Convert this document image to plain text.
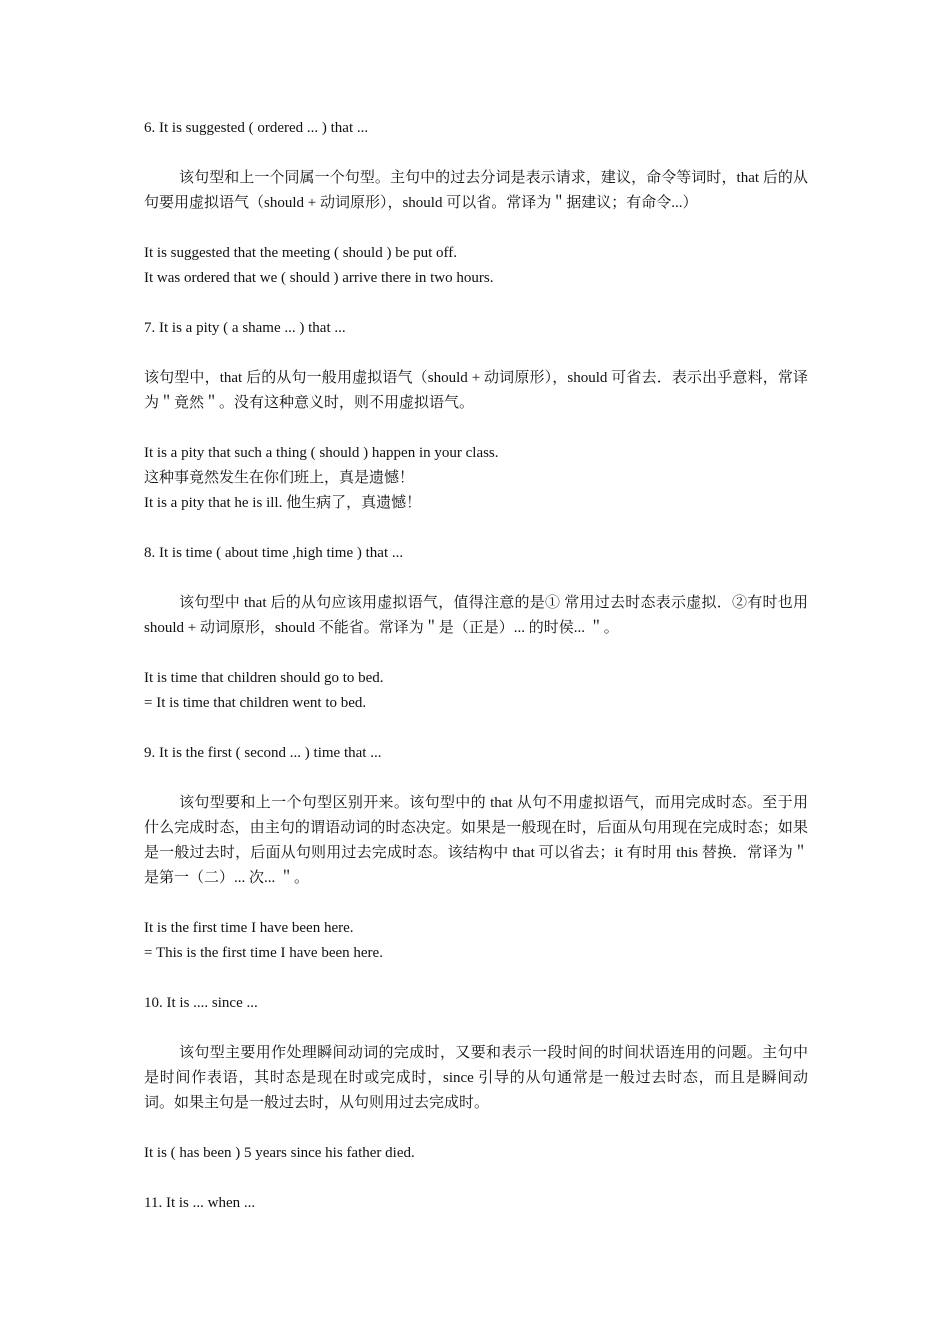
6. It is suggested ( ordered ... ) that ...
该句型和上一个同属一个句型。主句中的过去分词是表示请求，建议，命令等词时，that 后的从句要用虚拟语气（should + 动词原形），should 可以省。常译为＂据建议；有命令...）
It is suggested that the meeting ( should ) be put off.
It was ordered that we ( should ) arrive there in two hours.
7. It is a pity ( a shame ... ) that ...
该句型中，that 后的从句一般用虚拟语气（should + 动词原形），should 可省去．表示出乎意料，常译为＂竟然＂。没有这种意义时，则不用虚拟语气。
It is a pity that such a thing ( should ) happen in your class.
这种事竟然发生在你们班上，真是遗憾！
It is a pity that he is ill. 他生病了，真遗憾！
8. It is time ( about time ,high time ) that ...
该句型中 that 后的从句应该用虚拟语气，值得注意的是① 常用过去时态表示虚拟．②有时也用 should + 动词原形，should 不能省。常译为＂是（正是）... 的时侯... ＂。
It is time that children should go to bed.
= It is time that children went to bed.
9. It is the first ( second ... ) time that ...
该句型要和上一个句型区别开来。该句型中的 that 从句不用虚拟语气，而用完成时态。至于用什么完成时态，由主句的谓语动词的时态决定。如果是一般现在时，后面从句用现在完成时态；如果是一般过去时，后面从句则用过去完成时态。该结构中 that 可以省去；it 有时用 this 替换．常译为＂是第一（二）... 次... ＂。
It is the first time I have been here.
= This is the first time I have been here.
10. It is .... since ...
该句型主要用作处理瞬间动词的完成时，又要和表示一段时间的时间状语连用的问题。主句中是时间作表语，其时态是现在时或完成时，since 引导的从句通常是一般过去时态，而且是瞬间动词。如果主句是一般过去时，从句则用过去完成时。
It is ( has been ) 5 years since his father died.
11. It is ... when ...
